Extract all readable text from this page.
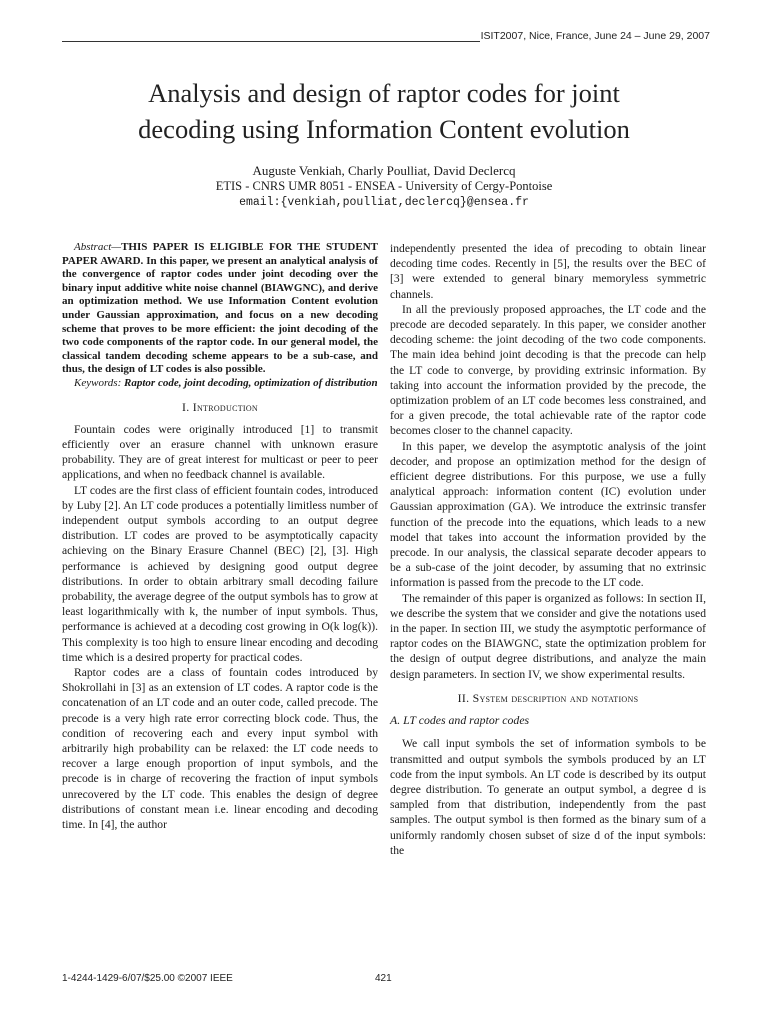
ISIT2007, Nice, France, June 24 – June 29, 2007
Analysis and design of raptor codes for joint
decoding using Information Content evolution
Auguste Venkiah, Charly Poulliat, David Declercq
ETIS - CNRS UMR 8051 - ENSEA - University of Cergy-Pontoise
email:{venkiah,poulliat,declercq}@ensea.fr

Abstract—THIS PAPER IS ELIGIBLE FOR THE STUDENT PAPER AWARD. In this paper, we present an analytical analysis of the convergence of raptor codes under joint decoding over the binary input additive white noise channel (BIAWGNC), and derive an optimization method. We use Information Content evolution under Gaussian approximation, and focus on a new decoding scheme that proves to be more efficient: the joint decoding of the two code components of the raptor code. In our general model, the classical tandem decoding scheme appears to be a sub-case, and thus, the design of LT codes is also possible.

Keywords: Raptor code, joint decoding, optimization of distribution

I. Introduction

Fountain codes were originally introduced [1] to transmit efficiently over an erasure channel with unknown erasure probability. They are of great interest for multicast or peer to peer applications, and when no feedback channel is available.

LT codes are the first class of efficient fountain codes, introduced by Luby [2]. An LT code produces a potentially limitless number of independent output symbols according to an output degree distribution. LT codes are proved to be asymptotically capacity achieving on the Binary Erasure Channel (BEC) [2], [3]. High performance is achieved by designing good output degree distributions. In order to obtain arbitrary small decoding failure probability, the average degree of the output symbols has to grow at least logarithmically with k, the number of input symbols. Thus, performance is achieved at a decoding cost growing in O(k log(k)). This complexity is too high to ensure linear encoding and decoding time which is a desired property for practical codes.

Raptor codes are a class of fountain codes introduced by Shokrollahi in [3] as an extension of LT codes. A raptor code is the concatenation of an LT code and an outer code, called precode. The precode is a very high rate error correcting block code. Thus, the condition of recovering each and every input symbol with arbitrarily high probability can be relaxed: the LT code needs to recover a large enough proportion of input symbols, and the precode is in charge of recovering the fraction of input symbols unrecovered by the LT code. This enables the design of degree distributions of constant mean i.e. linear encoding and decoding time. In [4], the author

independently presented the idea of precoding to obtain linear decoding time codes. Recently in [5], the results over the BEC of [3] were extended to general binary memoryless symmetric channels.

In all the previously proposed approaches, the LT code and the precode are decoded separately. In this paper, we consider another decoding scheme: the joint decoding of the two code components. The main idea behind joint decoding is that the precode can help the LT code to converge, by providing extrinsic information. By taking into account the information provided by the precode, the optimization problem of an LT code becomes less constrained, and for a given precode, the total achievable rate of the raptor code becomes closer to the channel capacity.

In this paper, we develop the asymptotic analysis of the joint decoder, and propose an optimization method for the design of efficient degree distributions. For this purpose, we use a fully analytical approach: information content (IC) evolution under Gaussian approximation (GA). We introduce the extrinsic transfer function of the precode into the equations, which leads to a new model that takes into account the information provided by the precode. In our analysis, the classical separate decoder appears to be a sub-case of the joint decoder, by assuming that no extrinsic information is passed from the precode to the LT code.

The remainder of this paper is organized as follows: In section II, we describe the system that we consider and give the notations used in the paper. In section III, we study the asymptotic performance of raptor codes on the BIAWGNC, state the optimization problem for the design of output degree distributions, and analyze the main design parameters. In section IV, we show experimental results.

II. System description and notations
A. LT codes and raptor codes

We call input symbols the set of information symbols to be transmitted and output symbols the symbols produced by an LT code from the input symbols. An LT code is described by its output degree distribution. To generate an output symbol, a degree d is sampled from that distribution, independently from the past samples. The output symbol is then formed as the binary sum of a uniformly randomly chosen subset of size d of the input symbols: the

1-4244-1429-6/07/$25.00 ©2007 IEEE	421
